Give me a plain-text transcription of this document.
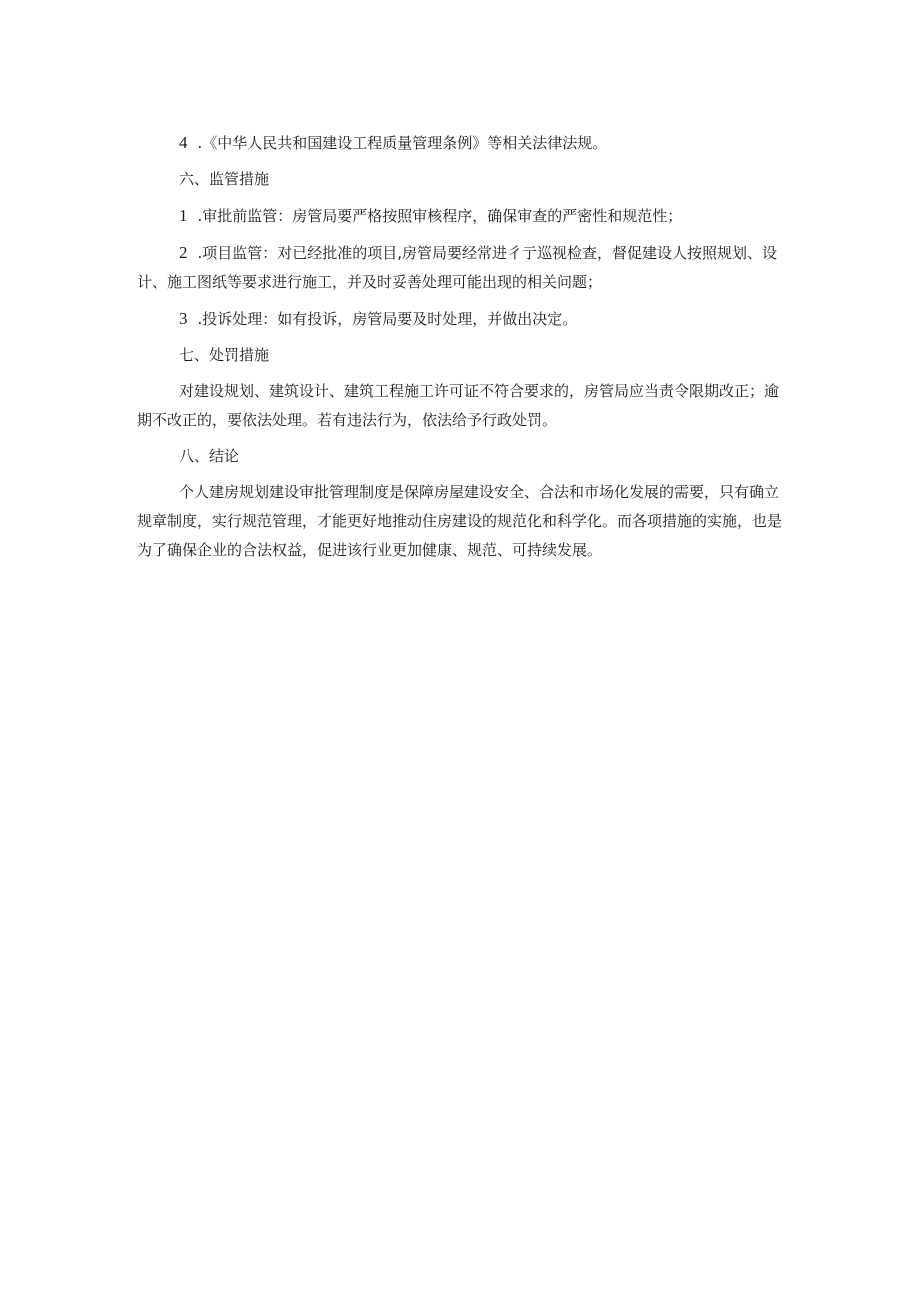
4 .《中华人民共和国建设工程质量管理条例》等相关法律法规。

六、监管措施

1 .审批前监管：房管局要严格按照审核程序，确保审查的严密性和规范性；

2 .项目监管：对已经批准的项目,房管局要经常进彳亍巡视检查，督促建设人按照规划、设计、施工图纸等要求进行施工，并及时妥善处理可能出现的相关问题；

3 .投诉处理：如有投诉，房管局要及时处理，并做出决定。

七、处罚措施

对建设规划、建筑设计、建筑工程施工许可证不符合要求的，房管局应当责令限期改正；逾期不改正的，要依法处理。若有违法行为，依法给予行政处罚。

八、结论

个人建房规划建设审批管理制度是保障房屋建设安全、合法和市场化发展的需要，只有确立规章制度，实行规范管理，才能更好地推动住房建设的规范化和科学化。而各项措施的实施，也是为了确保企业的合法权益，促进该行业更加健康、规范、可持续发展。
